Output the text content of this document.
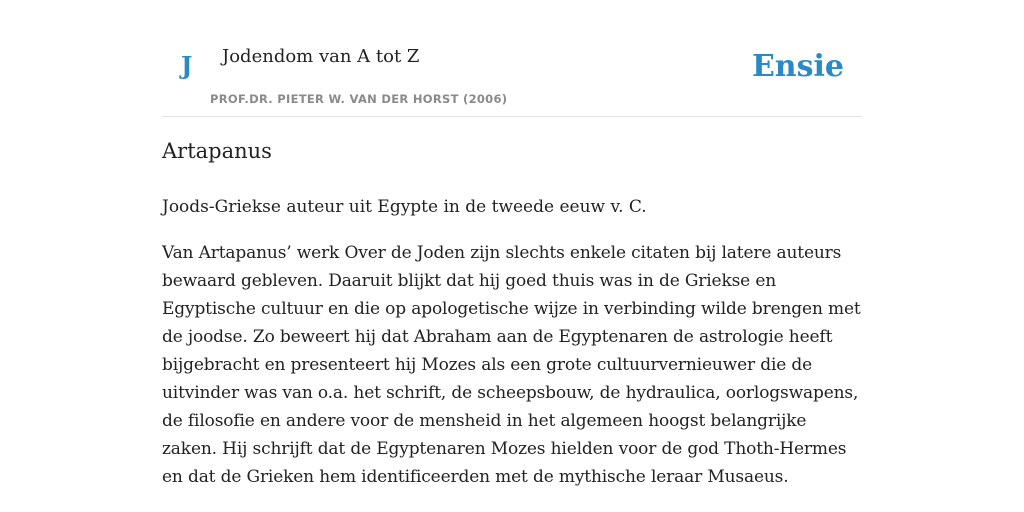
J Jodendom van A tot Z
PROF.DR. PIETER W. VAN DER HORST (2006)
Ensie
Artapanus

Joods-Griekse auteur uit Egypte in de tweede eeuw v. C.

Van Artapanus’ werk Over de Joden zijn slechts enkele citaten bij latere auteurs bewaard gebleven. Daaruit blijkt dat hij goed thuis was in de Griekse en Egyptische cultuur en die op apologetische wijze in verbinding wilde brengen met de joodse. Zo beweert hij dat Abraham aan de Egyptenaren de astrologie heeft bijgebracht en presenteert hij Mozes als een grote cultuurvernieuwer die de uitvinder was van o.a. het schrift, de scheepsbouw, de hydraulica, oorlogswapens, de filosofie en andere voor de mensheid in het algemeen hoogst belangrijke zaken. Hij schrijft dat de Egyptenaren Mozes hielden voor de god Thoth-Hermes en dat de Grieken hem identificeerden met de mythische leraar Musaeus.
